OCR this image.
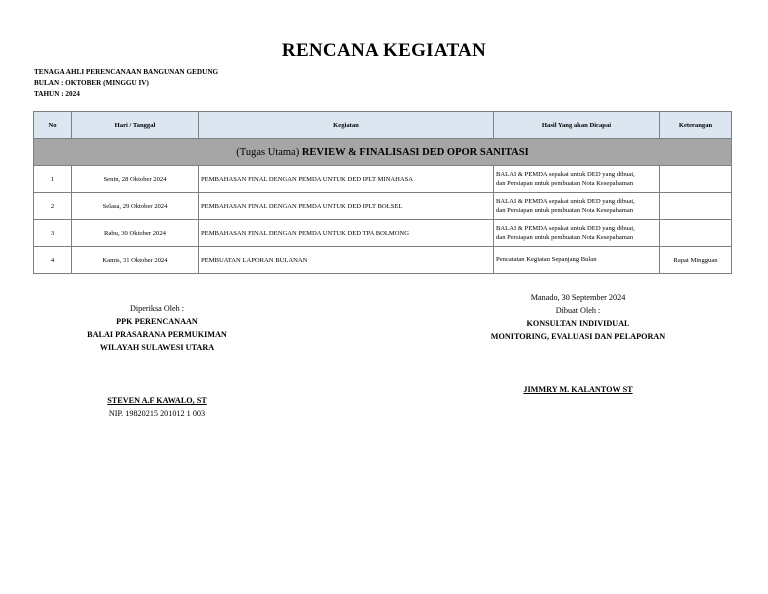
RENCANA KEGIATAN
TENAGA AHLI PERENCANAAN BANGUNAN GEDUNG
BULAN : OKTOBER (MINGGU IV)
TAHUN : 2024
No	Hari / Tanggal	Kegiatan	Hasil Yang akan Dicapai	Keterangan
(Tugas Utama) REVIEW & FINALISASI DED OPOR SANITASI				
1	Senin, 28 Oktober 2024	PEMBAHASAN FINAL DENGAN PEMDA UNTUK DED IPLT MINAHASA	BALAI & PEMDA sepakat untuk DED yang dibuat,
dan Persiapan untuk pembuatan Nota Kesepahaman	

2	Selasa, 29 Oktober 2024	PEMBAHASAN FINAL DENGAN PEMDA UNTUK DED IPLT BOLSEL	BALAI & PEMDA sepakat untuk DED yang dibuat,
dan Persiapan untuk pembuatan Nota Kesepahaman	

3	Rabu, 30 Oktober 2024	PEMBAHASAN FINAL DENGAN PEMDA UNTUK DED TPA BOLMONG	BALAI & PEMDA sepakat untuk DED yang dibuat,
dan Persiapan untuk pembuatan Nota Kesepahaman	

4	Kamis, 31 Oktober 2024	PEMBUATAN LAPORAN BULANAN	Pencatatan Kegiatan Sepanjang Bulan	Rapat Mingguan
Diperiksa Oleh :
PPK PERENCANAAN
BALAI PRASARANA PERMUKIMAN
WILAYAH SULAWESI UTARA
STEVEN A.F KAWALO, ST
NIP. 19820215 201012 1 003
Manado, 30 September 2024
Dibuat Oleh :
KONSULTAN INDIVIDUAL
MONITORING, EVALUASI DAN PELAPORAN
JIMMRY M. KALANTOW ST
